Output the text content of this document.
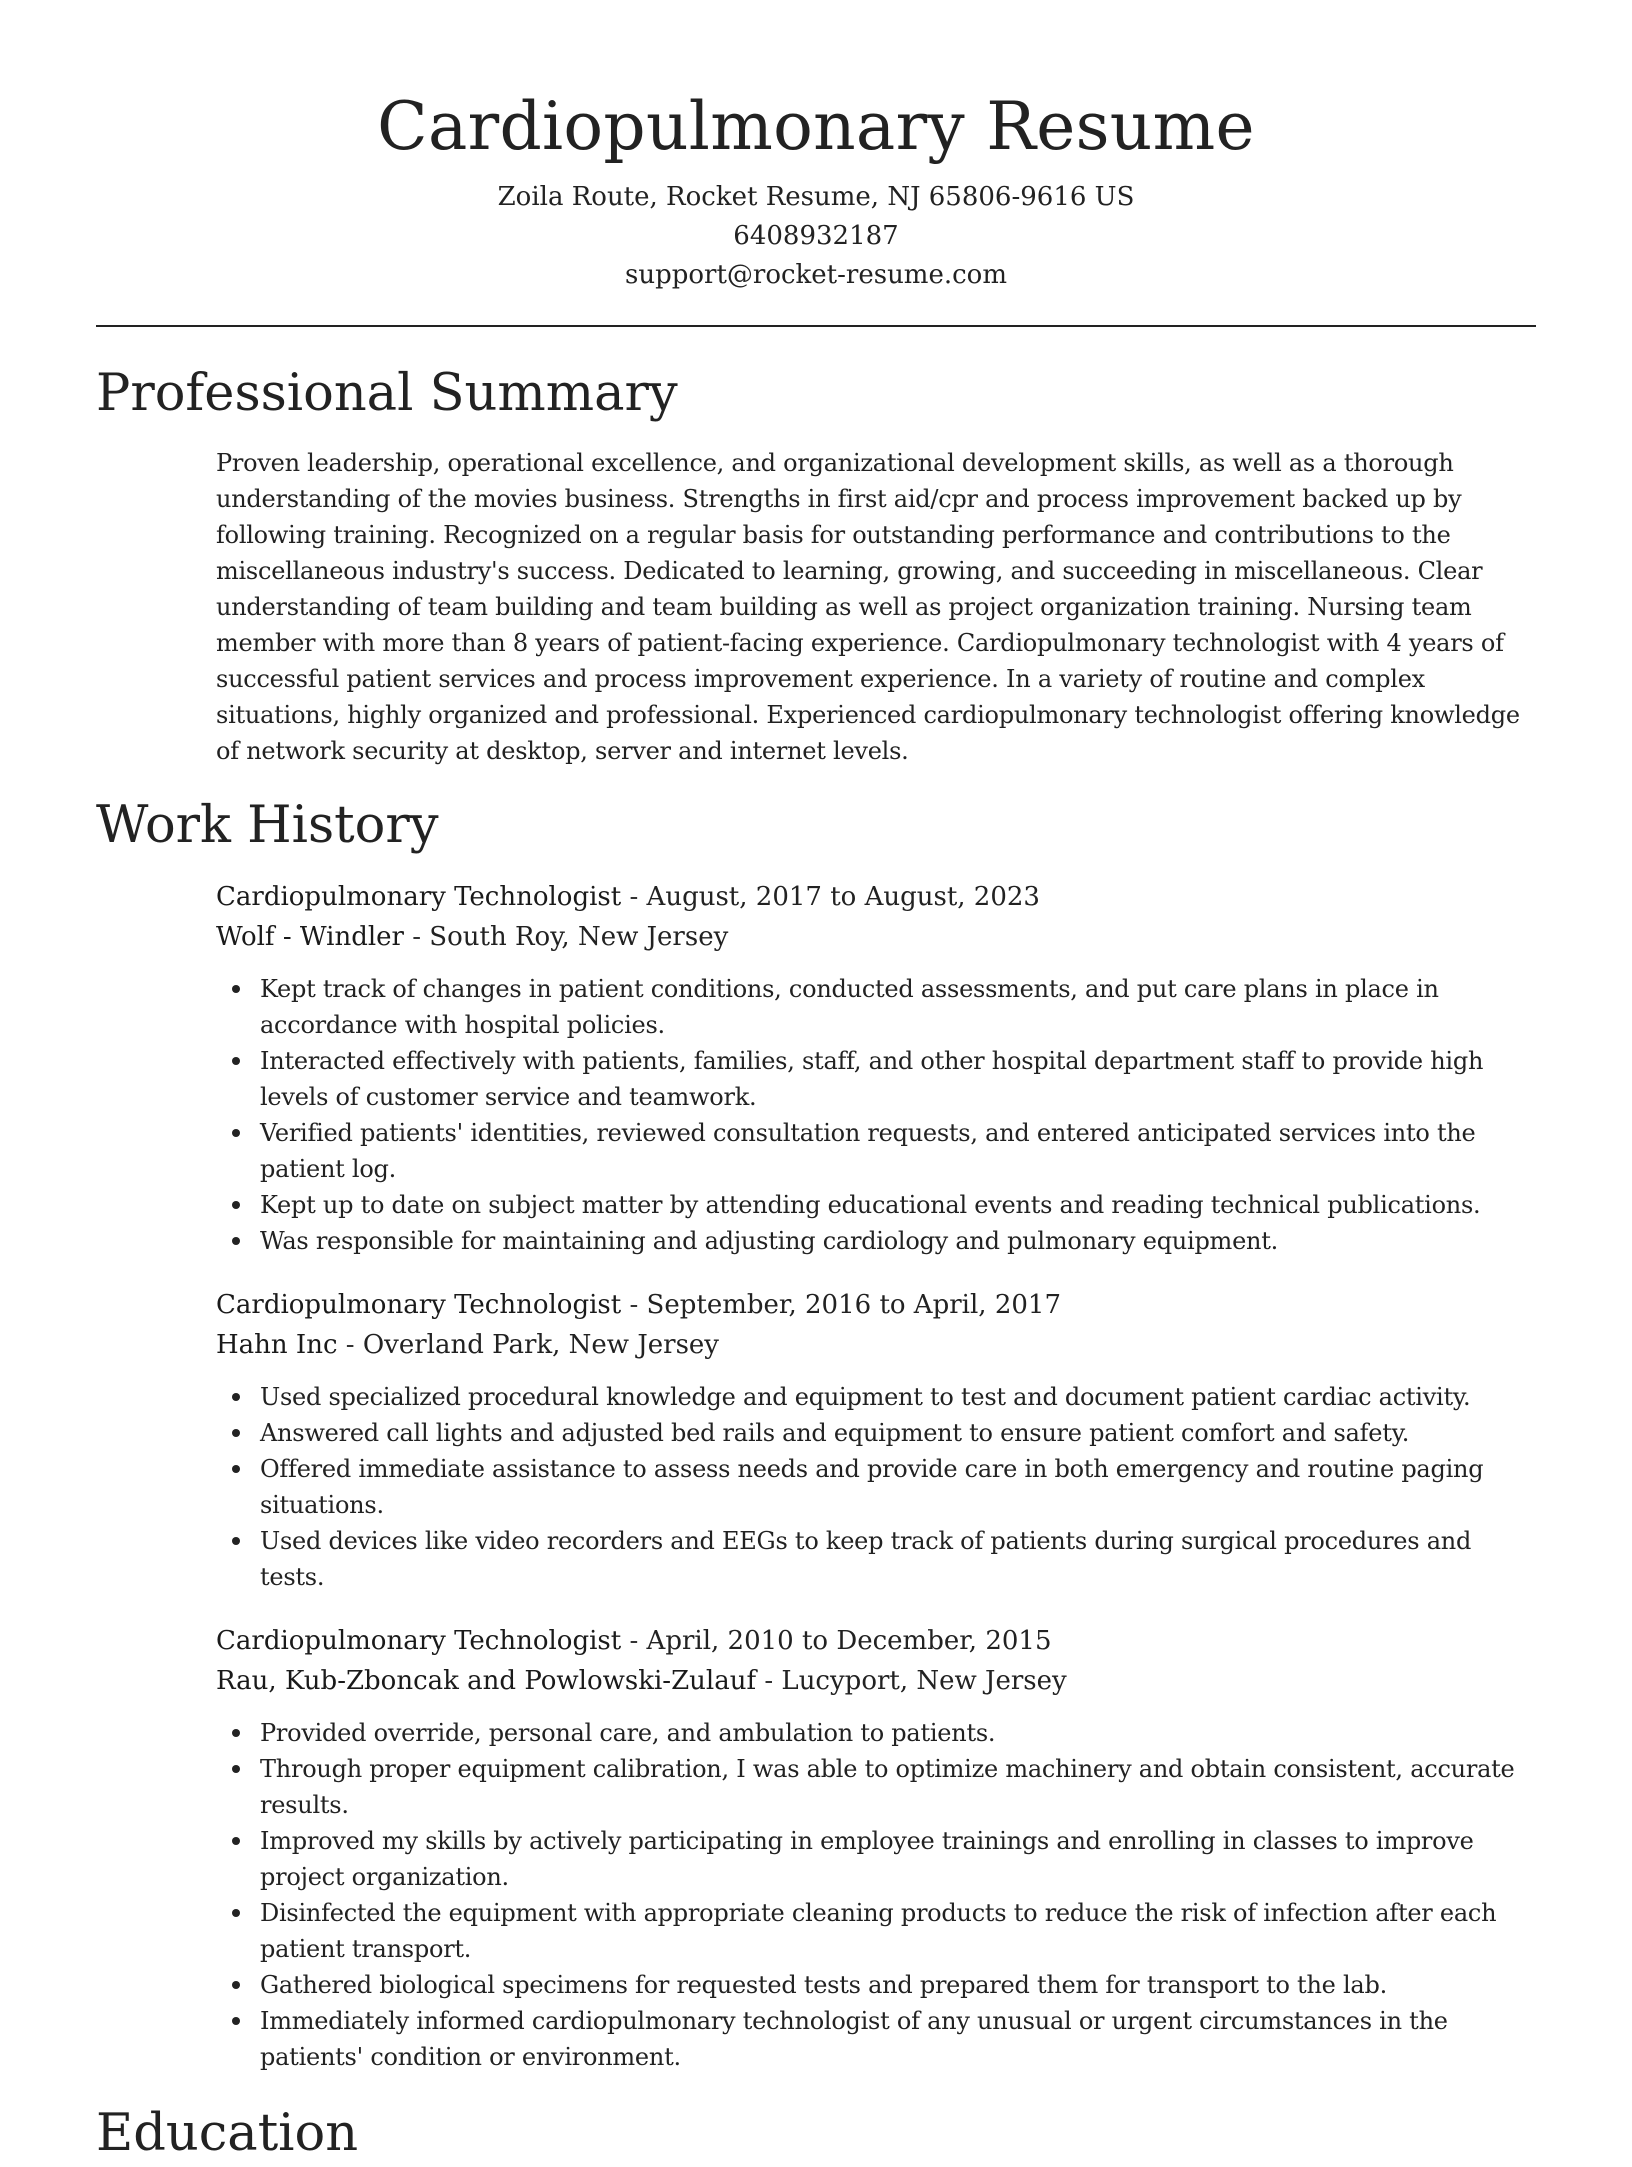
Cardiopulmonary Resume

Zoila Route, Rocket Resume, NJ 65806-9616 US

6408932187

support@rocket-resume.com

Professional Summary

Proven leadership, operational excellence, and organizational development skills, as well as a thorough understanding of the movies business. Strengths in first aid/cpr and process improvement backed up by following training. Recognized on a regular basis for outstanding performance and contributions to the miscellaneous industry's success. Dedicated to learning, growing, and succeeding in miscellaneous. Clear understanding of team building and team building as well as project organization training. Nursing team member with more than 8 years of patient-facing experience. Cardiopulmonary technologist with 4 years of successful patient services and process improvement experience. In a variety of routine and complex situations, highly organized and professional. Experienced cardiopulmonary technologist offering knowledge of network security at desktop, server and internet levels.

Work History

Cardiopulmonary Technologist - August, 2017 to August, 2023

Wolf - Windler - South Roy, New Jersey

Kept track of changes in patient conditions, conducted assessments, and put care plans in place in accordance with hospital policies.
Interacted effectively with patients, families, staff, and other hospital department staff to provide high levels of customer service and teamwork.
Verified patients' identities, reviewed consultation requests, and entered anticipated services into the patient log.
Kept up to date on subject matter by attending educational events and reading technical publications.
Was responsible for maintaining and adjusting cardiology and pulmonary equipment.

Cardiopulmonary Technologist - September, 2016 to April, 2017

Hahn Inc - Overland Park, New Jersey

Used specialized procedural knowledge and equipment to test and document patient cardiac activity.
Answered call lights and adjusted bed rails and equipment to ensure patient comfort and safety.
Offered immediate assistance to assess needs and provide care in both emergency and routine paging situations.
Used devices like video recorders and EEGs to keep track of patients during surgical procedures and tests.

Cardiopulmonary Technologist - April, 2010 to December, 2015

Rau, Kub-Zboncak and Powlowski-Zulauf - Lucyport, New Jersey

Provided override, personal care, and ambulation to patients.
Through proper equipment calibration, I was able to optimize machinery and obtain consistent, accurate results.
Improved my skills by actively participating in employee trainings and enrolling in classes to improve project organization.
Disinfected the equipment with appropriate cleaning products to reduce the risk of infection after each patient transport.
Gathered biological specimens for requested tests and prepared them for transport to the lab.
Immediately informed cardiopulmonary technologist of any unusual or urgent circumstances in the patients' condition or environment.
Education
